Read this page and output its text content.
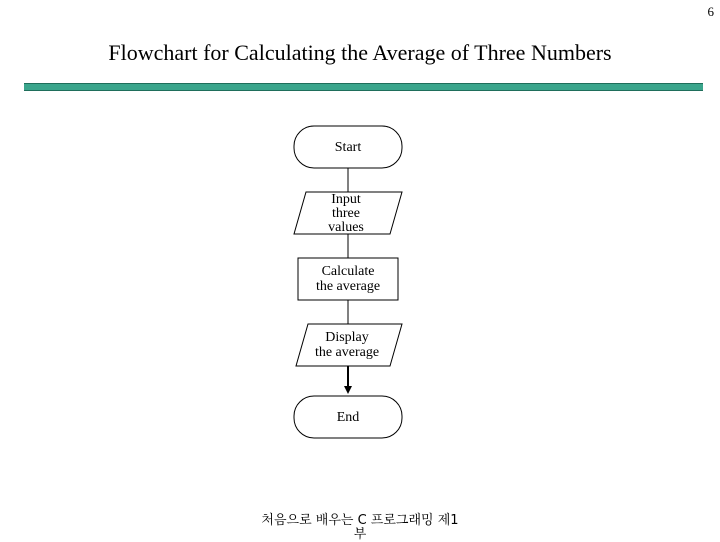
6
Flowchart for Calculating the Average of Three Numbers
Start
Input
three
values
Calculate
the average
Display
the average
End
처음으로 배우는 C 프로그래밍 제1
부
